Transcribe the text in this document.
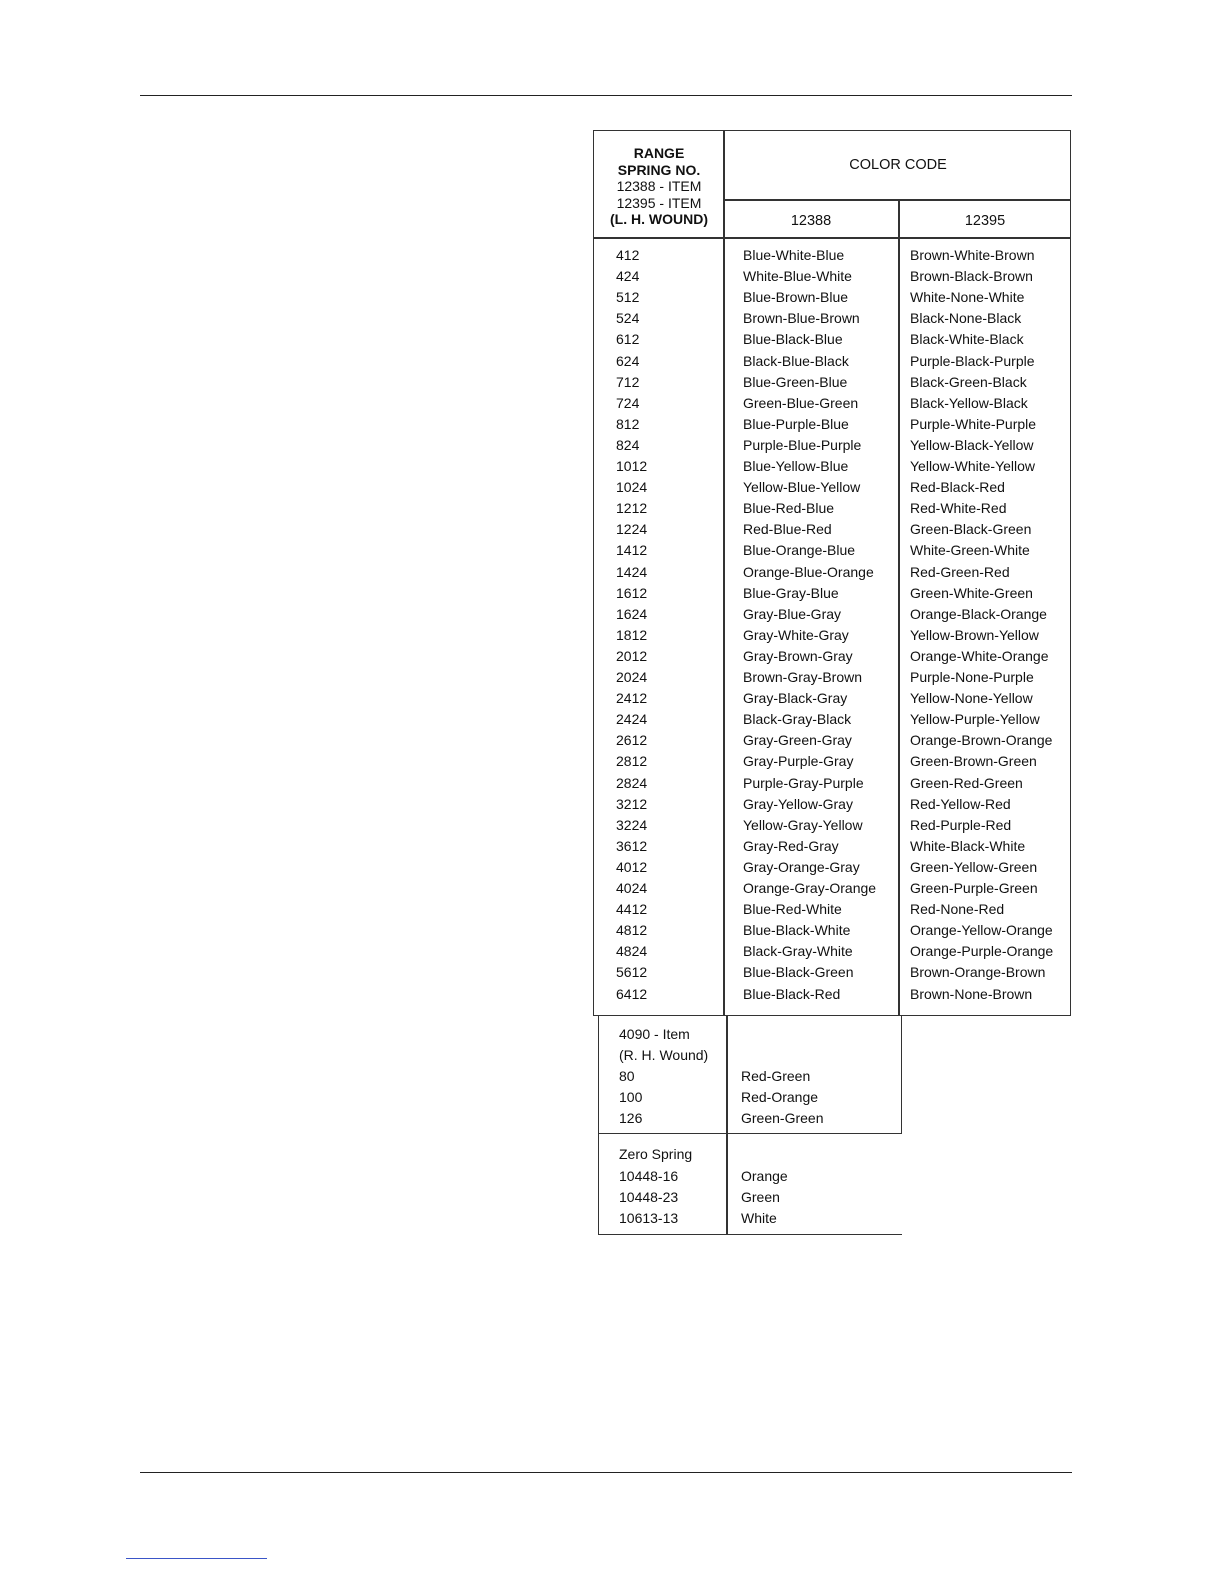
RANGE
SPRING NO.
12388 - ITEM
12395 - ITEM
(L. H. WOUND)
COLOR CODE
12388	12395
412	Blue-White-Blue	Brown-White-Brown
424	White-Blue-White	Brown-Black-Brown
512	Blue-Brown-Blue	White-None-White
524	Brown-Blue-Brown	Black-None-Black
612	Blue-Black-Blue	Black-White-Black
624	Black-Blue-Black	Purple-Black-Purple
712	Blue-Green-Blue	Black-Green-Black
724	Green-Blue-Green	Black-Yellow-Black
812	Blue-Purple-Blue	Purple-White-Purple
824	Purple-Blue-Purple	Yellow-Black-Yellow
1012	Blue-Yellow-Blue	Yellow-White-Yellow
1024	Yellow-Blue-Yellow	Red-Black-Red
1212	Blue-Red-Blue	Red-White-Red
1224	Red-Blue-Red	Green-Black-Green
1412	Blue-Orange-Blue	White-Green-White
1424	Orange-Blue-Orange	Red-Green-Red
1612	Blue-Gray-Blue	Green-White-Green
1624	Gray-Blue-Gray	Orange-Black-Orange
1812	Gray-White-Gray	Yellow-Brown-Yellow
2012	Gray-Brown-Gray	Orange-White-Orange
2024	Brown-Gray-Brown	Purple-None-Purple
2412	Gray-Black-Gray	Yellow-None-Yellow
2424	Black-Gray-Black	Yellow-Purple-Yellow
2612	Gray-Green-Gray	Orange-Brown-Orange
2812	Gray-Purple-Gray	Green-Brown-Green
2824	Purple-Gray-Purple	Green-Red-Green
3212	Gray-Yellow-Gray	Red-Yellow-Red
3224	Yellow-Gray-Yellow	Red-Purple-Red
3612	Gray-Red-Gray	White-Black-White
4012	Gray-Orange-Gray	Green-Yellow-Green
4024	Orange-Gray-Orange Green-Purple-Green
4412	Blue-Red-White	Red-None-Red
4812	Blue-Black-White	Orange-Yellow-Orange
4824	Black-Gray-White	Orange-Purple-Orange
5612	Blue-Black-Green	Brown-Orange-Brown
6412	Blue-Black-Red	Brown-None-Brown
4090 - Item
(R. H. Wound)
80	Red-Green
100	Red-Orange
126	Green-Green
Zero Spring
10448-16	Orange
10448-23	Green
10613-13	White
